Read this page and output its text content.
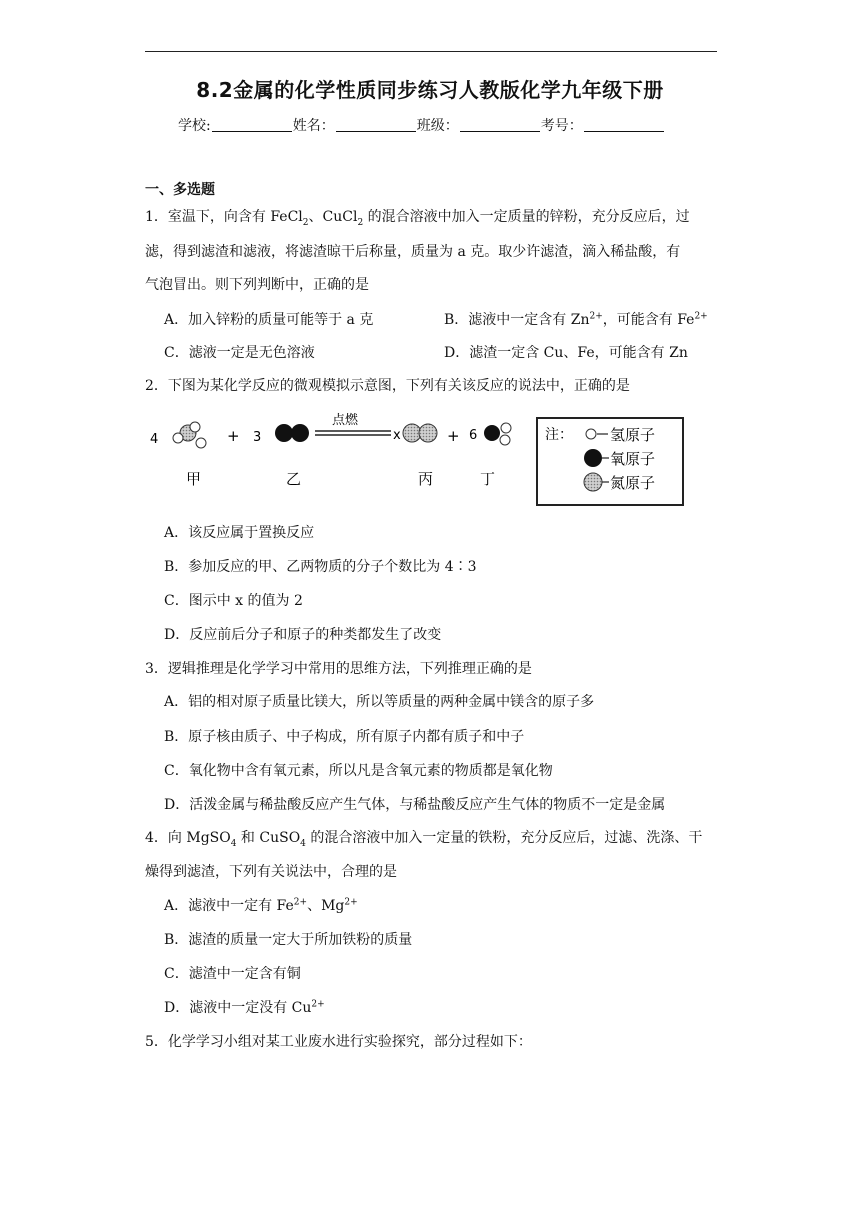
8.2金属的化学性质同步练习人教版化学九年级下册
学校:	姓名：	班级：	考号：
一、多选题
1．室温下，向含有 FeCl$_2$、CuCl$_2$ 的混合溶液中加入一定质量的锌粉，充分反应后，过
滤，得到滤渣和滤液，将滤渣晾干后称量，质量为 a 克。取少许滤渣，滴入稀盐酸，有
气泡冒出。则下列判断中，正确的是
A．加入锌粉的质量可能等于 a 克	B．滤液中一定含有 $Zn^{2+}$，可能含有 $Fe^{2+}$
C．滤液一定是无色溶液	D．滤渣一定含 Cu、Fe，可能含有 Zn
2．下图为某化学反应的微观模拟示意图，下列有关该反应的说法中，正确的是
4	+ 3
点燃
x	+ 6
甲	乙	丙	丁
注： 氢原子
氧原子
氮原子
A．该反应属于置换反应
B．参加反应的甲、乙两物质的分子个数比为 4∶3
C．图示中 x 的值为 2
D．反应前后分子和原子的种类都发生了改变
3．逻辑推理是化学学习中常用的思维方法，下列推理正确的是
A．铝的相对原子质量比镁大，所以等质量的两种金属中镁含的原子多
B．原子核由质子、中子构成，所有原子内都有质子和中子
C．氧化物中含有氧元素，所以凡是含氧元素的物质都是氧化物
D．活泼金属与稀盐酸反应产生气体，与稀盐酸反应产生气体的物质不一定是金属
4．向 MgSO$_4$ 和 CuSO$_4$ 的混合溶液中加入一定量的铁粉，充分反应后，过滤、洗涤、干
燥得到滤渣，下列有关说法中，合理的是
A．滤液中一定有 $Fe^{2+}$、$Mg^{2+}$
B．滤渣的质量一定大于所加铁粉的质量
C．滤渣中一定含有铜
D．滤液中一定没有 $Cu^{2+}$
5．化学学习小组对某工业废水进行实验探究，部分过程如下：
